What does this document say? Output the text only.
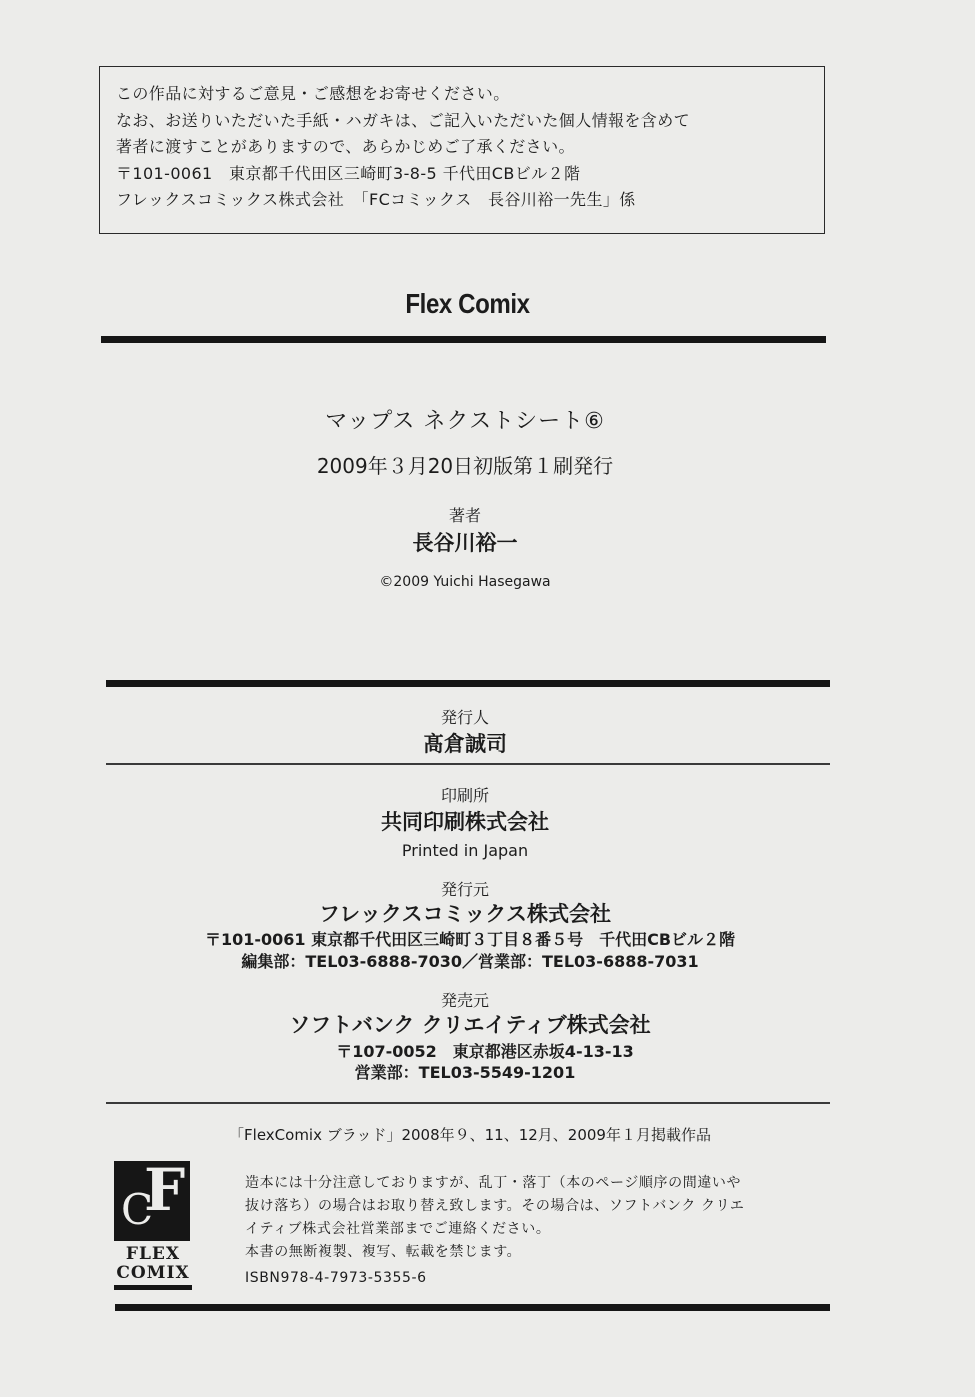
この作品に対するご意見・ご感想をお寄せください。
なお、お送りいただいた手紙・ハガキは、ご記入いただいた個人情報を含めて
著者に渡すことがありますので、あらかじめご了承ください。
〒101-0061　東京都千代田区三崎町3-8-5 千代田CBビル２階
フレックスコミックス株式会社　「FCコミックス　長谷川裕一先生」係
Flex Comix
マップス ネクストシート⑥
2009年３月20日初版第１刷発行
著者
長谷川裕一
©2009 Yuichi Hasegawa
発行人
髙倉誠司
印刷所
共同印刷株式会社
Printed in Japan
発行元
フレックスコミックス株式会社
〒101-0061 東京都千代田区三崎町３丁目８番５号　千代田CBビル２階
編集部：TEL03-6888-7030／営業部：TEL03-6888-7031
発売元
ソフトバンク クリエイティブ株式会社
〒107-0052　東京都港区赤坂4-13-13
営業部：TEL03-5549-1201
「FlexComix ブラッド」2008年９、11、12月、2009年１月掲載作品
F
C
FLEX
COMIX
造本には十分注意しておりますが、乱丁・落丁（本のページ順序の間違いや
抜け落ち）の場合はお取り替え致します。その場合は、ソフトバンク クリエ
イティブ株式会社営業部までご連絡ください。
本書の無断複製、複写、転載を禁じます。
ISBN978-4-7973-5355-6
